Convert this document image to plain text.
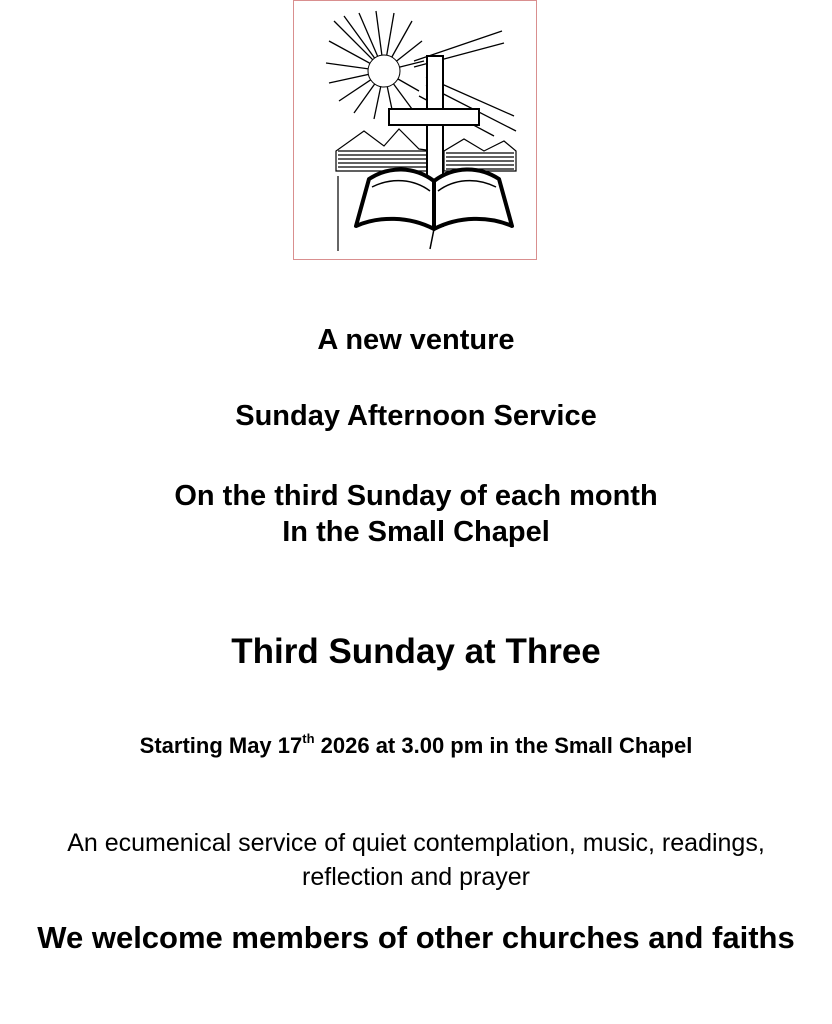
A new venture
Sunday Afternoon Service
On the third Sunday of each month
In the Small Chapel
Third Sunday at Three
Starting May 17th 2026 at 3.00 pm in the Small Chapel
An ecumenical service of quiet contemplation, music, readings,
reflection and prayer
We welcome members of other churches and faiths
